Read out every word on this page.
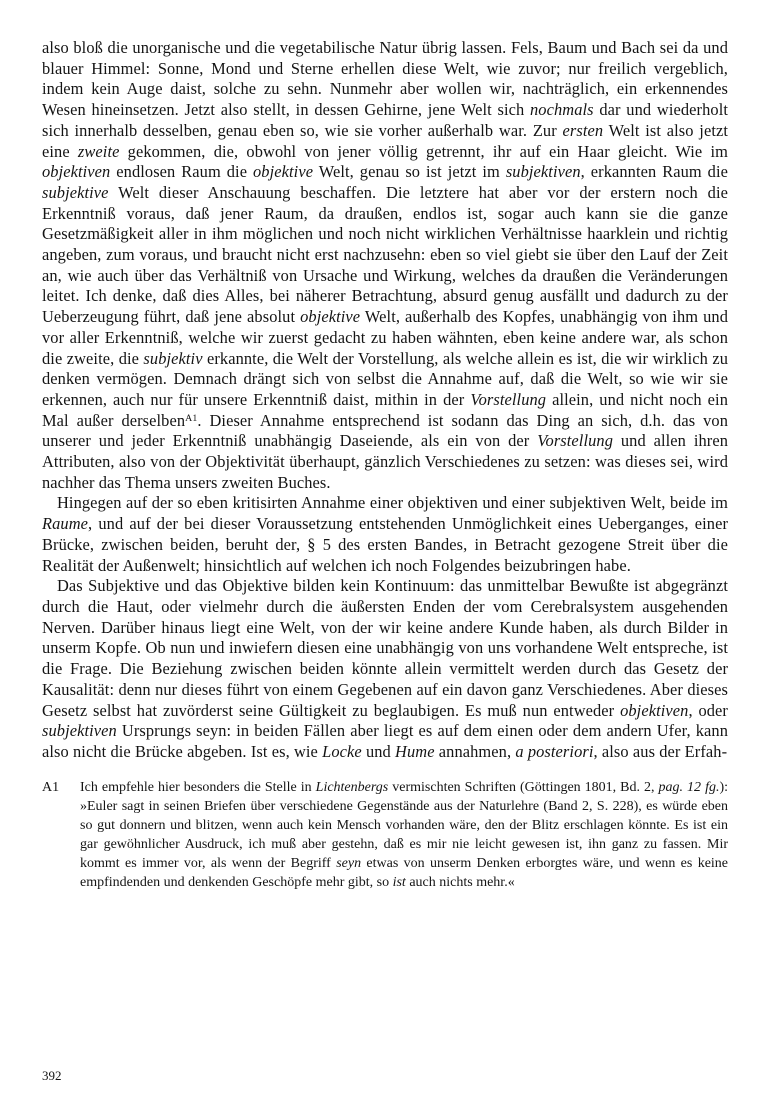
also bloß die unorganische und die vegetabilische Natur übrig lassen. Fels, Baum und Bach sei da und blauer Himmel: Sonne, Mond und Sterne erhellen diese Welt, wie zuvor; nur freilich vergeblich, indem kein Auge daist, solche zu sehn. Nunmehr aber wollen wir, nachträglich, ein erkennendes Wesen hineinsetzen. Jetzt also stellt, in dessen Gehirne, jene Welt sich nochmals dar und wiederholt sich innerhalb desselben, genau eben so, wie sie vorher außerhalb war. Zur ersten Welt ist also jetzt eine zweite gekommen, die, obwohl von jener völlig getrennt, ihr auf ein Haar gleicht. Wie im objektiven endlosen Raum die objektive Welt, genau so ist jetzt im subjektiven, erkannten Raum die subjektive Welt dieser Anschauung beschaffen. Die letztere hat aber vor der erstern noch die Erkenntniß voraus, daß jener Raum, da draußen, endlos ist, sogar auch kann sie die ganze Gesetzmäßigkeit aller in ihm möglichen und noch nicht wirklichen Verhältnisse haarklein und richtig angeben, zum voraus, und braucht nicht erst nachzusehn: eben so viel giebt sie über den Lauf der Zeit an, wie auch über das Verhältniß von Ursache und Wirkung, welches da draußen die Veränderungen leitet. Ich denke, daß dies Alles, bei näherer Betrachtung, absurd genug ausfällt und dadurch zu der Ueberzeugung führt, daß jene absolut objektive Welt, außerhalb des Kopfes, unabhängig von ihm und vor aller Erkenntniß, welche wir zuerst gedacht zu haben wähnten, eben keine andere war, als schon die zweite, die subjektiv erkannte, die Welt der Vorstellung, als welche allein es ist, die wir wirklich zu denken vermögen. Demnach drängt sich von selbst die Annahme auf, daß die Welt, so wie wir sie erkennen, auch nur für unsere Erkenntniß daist, mithin in der Vorstellung allein, und nicht noch ein Mal außer derselben$^{A1}$. Dieser Annahme entsprechend ist sodann das Ding an sich, d.h. das von unserer und jeder Erkenntniß unabhängig Daseiende, als ein von der Vorstellung und allen ihren Attributen, also von der Objektivität überhaupt, gänzlich Verschiedenes zu setzen: was dieses sei, wird nachher das Thema unsers zweiten Buches.

Hingegen auf der so eben kritisirten Annahme einer objektiven und einer subjektiven Welt, beide im Raume, und auf der bei dieser Voraussetzung entstehenden Unmöglichkeit eines Ueberganges, einer Brücke, zwischen beiden, beruht der, § 5 des ersten Bandes, in Betracht gezogene Streit über die Realität der Außenwelt; hinsichtlich auf welchen ich noch Folgendes beizubringen habe.

Das Subjektive und das Objektive bilden kein Kontinuum: das unmittelbar Bewußte ist abgegränzt durch die Haut, oder vielmehr durch die äußersten Enden der vom Cerebralsystem ausgehenden Nerven. Darüber hinaus liegt eine Welt, von der wir keine andere Kunde haben, als durch Bilder in unserm Kopfe. Ob nun und inwiefern diesen eine unabhängig von uns vorhandene Welt entspreche, ist die Frage. Die Beziehung zwischen beiden könnte allein vermittelt werden durch das Gesetz der Kausalität: denn nur dieses führt von einem Gegebenen auf ein davon ganz Verschiedenes. Aber dieses Gesetz selbst hat zuvörderst seine Gültigkeit zu beglaubigen. Es muß nun entweder objektiven, oder subjektiven Ursprungs seyn: in beiden Fällen aber liegt es auf dem einen oder dem andern Ufer, kann also nicht die Brücke abgeben. Ist es, wie Locke und Hume annahmen, a posteriori, also aus der Erfah-

A1	Ich empfehle hier besonders die Stelle in Lichtenbergs vermischten Schriften (Göttingen 1801, Bd. 2, pag. 12 fg.): »Euler sagt in seinen Briefen über verschiedene Gegenstände aus der Naturlehre (Band 2, S. 228), es würde eben so gut donnern und blitzen, wenn auch kein Mensch vorhanden wäre, den der Blitz erschlagen könnte. Es ist ein gar gewöhnlicher Ausdruck, ich muß aber gestehn, daß es mir nie leicht gewesen ist, ihn ganz zu fassen. Mir kommt es immer vor, als wenn der Begriff seyn etwas von unserm Denken erborgtes wäre, und wenn es keine empfindenden und denkenden Geschöpfe mehr gibt, so ist auch nichts mehr.«
392
